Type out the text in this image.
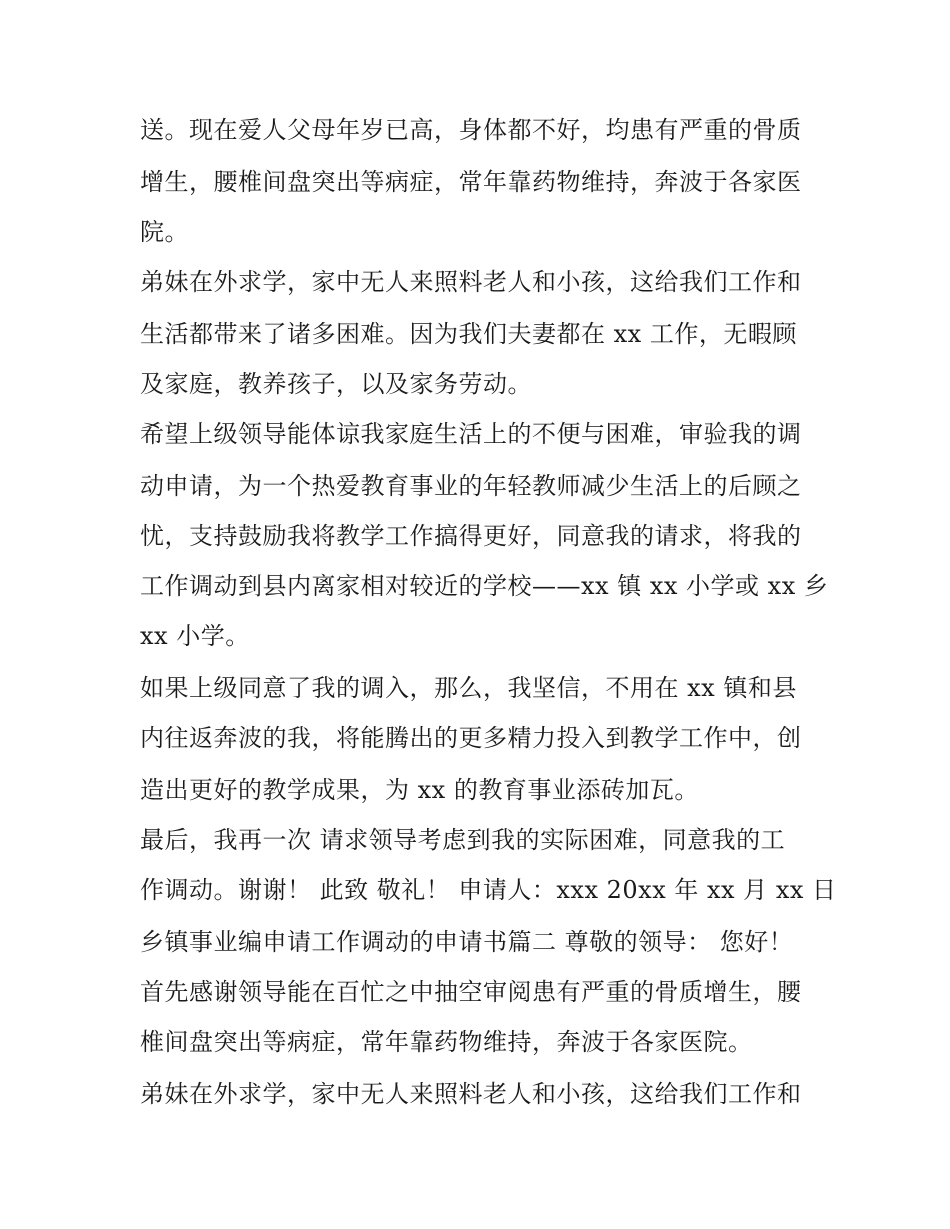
送。现在爱人父母年岁已高，身体都不好，均患有严重的骨质
增生，腰椎间盘突出等病症，常年靠药物维持，奔波于各家医
院。
弟妹在外求学，家中无人来照料老人和小孩，这给我们工作和
生活都带来了诸多困难。因为我们夫妻都在 xx 工作，无暇顾
及家庭，教养孩子，以及家务劳动。
希望上级领导能体谅我家庭生活上的不便与困难，审验我的调
动申请，为一个热爱教育事业的年轻教师减少生活上的后顾之
忧，支持鼓励我将教学工作搞得更好，同意我的请求，将我的
工作调动到县内离家相对较近的学校——xx 镇 xx 小学或 xx 乡
xx 小学。
如果上级同意了我的调入，那么，我坚信，不用在 xx 镇和县
内往返奔波的我，将能腾出的更多精力投入到教学工作中，创
造出更好的教学成果，为 xx 的教育事业添砖加瓦。
最后，我再一次 请求领导考虑到我的实际困难，同意我的工
作调动。谢谢！ 此致 敬礼！ 申请人：xxx 20xx 年 xx 月 xx 日
乡镇事业编申请工作调动的申请书篇二 尊敬的领导： 您好！
首先感谢领导能在百忙之中抽空审阅患有严重的骨质增生，腰
椎间盘突出等病症，常年靠药物维持，奔波于各家医院。
弟妹在外求学，家中无人来照料老人和小孩，这给我们工作和
